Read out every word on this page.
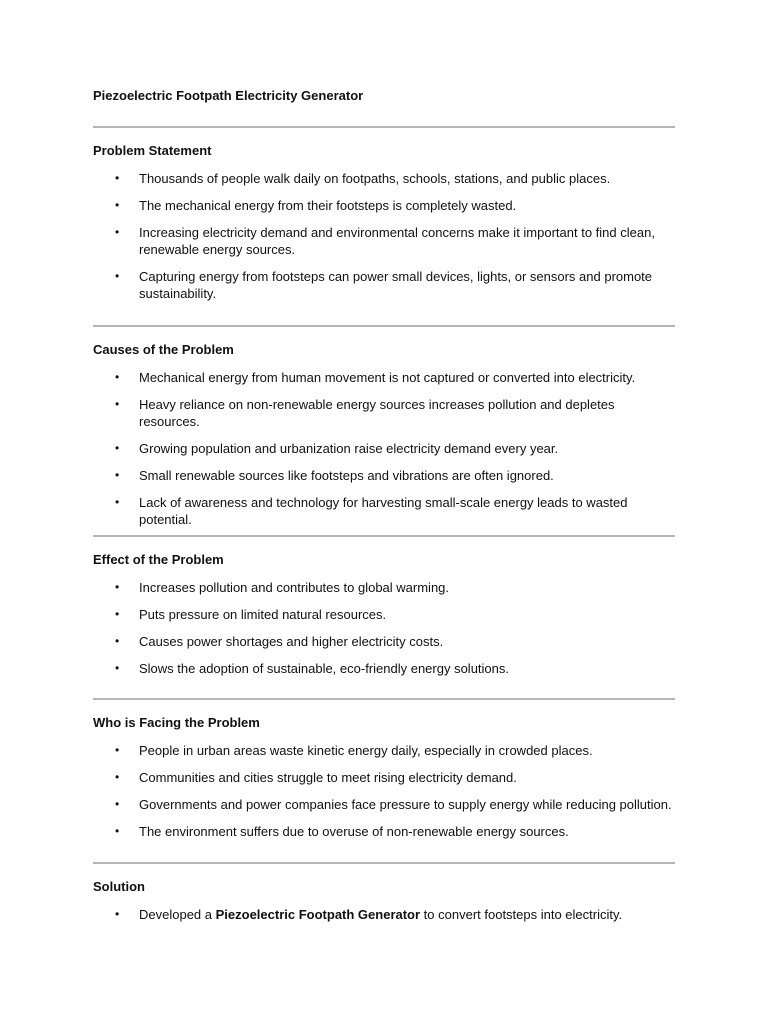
Piezoelectric Footpath Electricity Generator
Problem Statement
• Thousands of people walk daily on footpaths, schools, stations, and public places.
• The mechanical energy from their footsteps is completely wasted.
• Increasing electricity demand and environmental concerns make it important to find clean, renewable energy sources.
• Capturing energy from footsteps can power small devices, lights, or sensors and promote sustainability.
Causes of the Problem
• Mechanical energy from human movement is not captured or converted into electricity.
• Heavy reliance on non-renewable energy sources increases pollution and depletes resources.
• Growing population and urbanization raise electricity demand every year.
• Small renewable sources like footsteps and vibrations are often ignored.
• Lack of awareness and technology for harvesting small-scale energy leads to wasted potential.
Effect of the Problem
• Increases pollution and contributes to global warming.
• Puts pressure on limited natural resources.
• Causes power shortages and higher electricity costs.
• Slows the adoption of sustainable, eco-friendly energy solutions.
Who is Facing the Problem
• People in urban areas waste kinetic energy daily, especially in crowded places.
• Communities and cities struggle to meet rising electricity demand.
• Governments and power companies face pressure to supply energy while reducing pollution.
• The environment suffers due to overuse of non-renewable energy sources.
Solution
• Developed a Piezoelectric Footpath Generator to convert footsteps into electricity.
